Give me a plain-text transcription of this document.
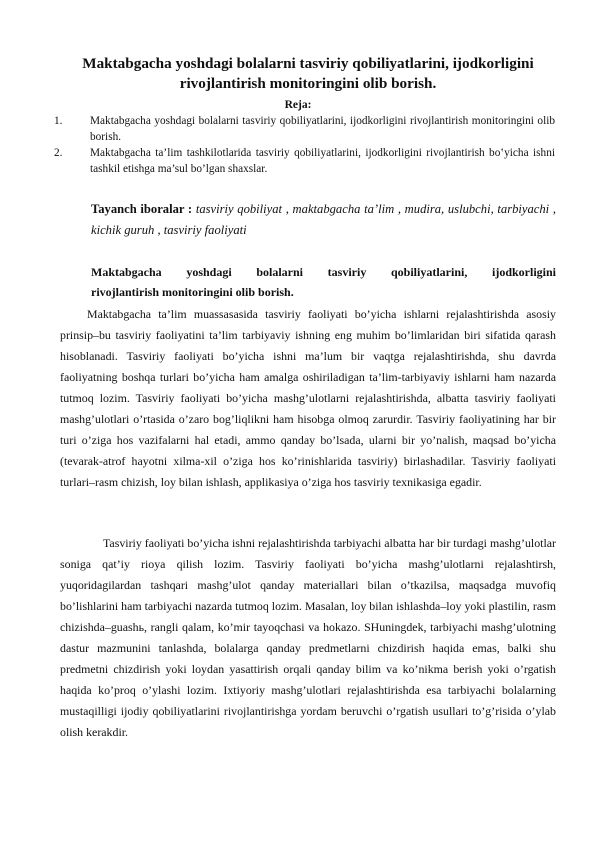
Maktabgacha yoshdagi bolalarni tasviriy qobiliyatlarini, ijodkorligini rivojlantirish monitoringini olib borish.

Reja:

1. Maktabgacha yoshdagi bolalarni tasviriy qobiliyatlarini, ijodkorligini rivojlantirish monitoringini olib borish.
2. Maktabgacha ta’lim tashkilotlarida tasviriy qobiliyatlarini, ijodkorligini rivojlantirish bo‛yicha ishni tashkil etishga ma’sul bo’lgan shaxslar.

Tayanch iboralar : tasviriy qobiliyat , maktabgacha ta’lim , mudira, uslubchi, tarbiyachi , kichik guruh , tasviriy faoliyati

Maktabgacha yoshdagi bolalarni tasviriy qobiliyatlarini, ijodkorligini
rivojlantirish monitoringini olib borish.

Maktabgacha ta’lim muassasasida tasviriy faoliyati bo’yicha ishlarni rejalashtirishda asosiy prinsip–bu tasviriy faoliyatini ta’lim tarbiyaviy ishning eng muhim bo’limlaridan biri sifatida qarash hisoblanadi. Tasviriy faoliyati bo’yicha ishni ma’lum bir vaqtga rejalashtirishda, shu davrda faoliyatning boshqa turlari bo’yicha ham amalga oshiriladigan ta’lim-tarbiyaviy ishlarni ham nazarda tutmoq lozim. Tasviriy faoliyati bo’yicha mashg’ulotlarni rejalashtirishda, albatta tasviriy faoliyati mashg’ulotlari o’rtasida o’zaro bog’liqlikni ham hisobga olmoq zarurdir. Tasviriy faoliyatining har bir turi o’ziga hos vazifalarni hal etadi, ammo qanday bo’lsada, ularni bir yo’nalish, maqsad bo’yicha (tevarak-atrof hayotni xilma-xil o’ziga hos ko’rinishlarida tasviriy) birlashadilar. Tasviriy faoliyati turlari–rasm chizish, loy bilan ishlash, applikasiya o’ziga hos tasviriy texnikasiga egadir.

Tasviriy faoliyati bo’yicha ishni rejalashtirishda tarbiyachi albatta har bir turdagi mashg’ulotlar soniga qat’iy rioya qilish lozim. Tasviriy faoliyati bo’yicha mashg’ulotlarni rejalashtirsh, yuqoridagilardan tashqari mashg’ulot qanday materiallari bilan o’tkazilsa, maqsadga muvofiq bo’lishlarini ham tarbiyachi nazarda tutmoq lozim. Masalan, loy bilan ishlashda–loy yoki plastilin, rasm chizishda–guashь, rangli qalam, ko’mir tayoqchasi va hokazo. SHuningdek, tarbiyachi mashg’ulotning dastur mazmunini tanlashda, bolalarga qanday predmetlarni chizdirish haqida emas, balki shu predmetni chizdirish yoki loydan yasattirish orqali qanday bilim va ko’nikma berish yoki o’rgatish haqida ko’proq o’ylashi lozim. Ixtiyoriy mashg’ulotlari rejalashtirishda esa tarbiyachi bolalarning mustaqilligi ijodiy qobiliyatlarini rivojlantirishga yordam beruvchi o’rgatish usullari to’g’risida o’ylab olish kerakdir.
